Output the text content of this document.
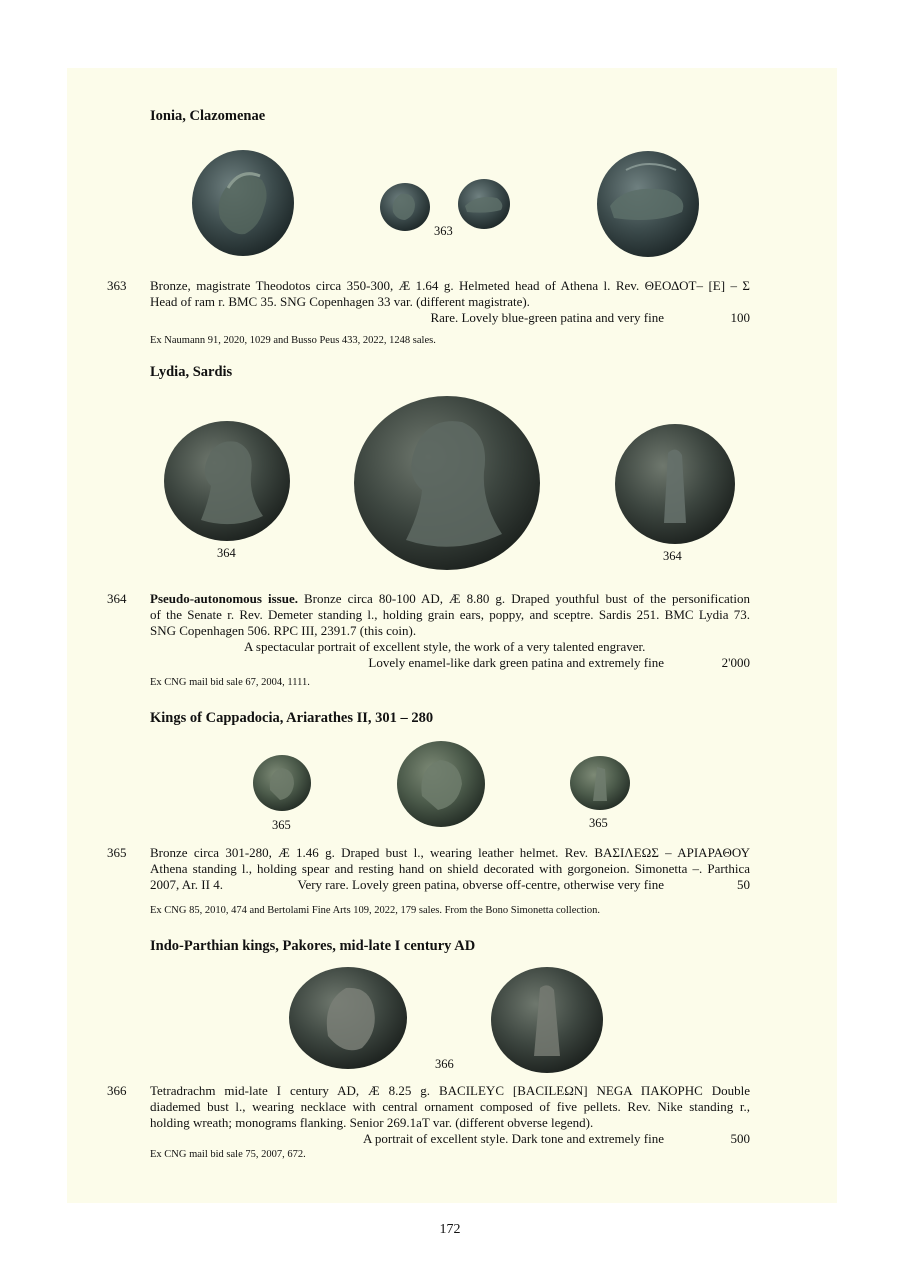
Ionia, Clazomenae
363
363 Bronze, magistrate Theodotos circa 350-300, Æ 1.64 g. Helmeted head of Athena l. Rev. ΘΕΟΔΟΤ– [Ε] – Σ
Head of ram r. BMC 35. SNG Copenhagen 33 var. (different magistrate).
Rare. Lovely blue-green patina and very fine	100
Ex Naumann 91, 2020, 1029 and Busso Peus 433, 2022, 1248 sales.
Lydia, Sardis
364	364
364 Pseudo-autonomous issue. Bronze circa 80-100 AD, Æ 8.80 g. Draped youthful bust of the personification
of the Senate r. Rev. Demeter standing l., holding grain ears, poppy, and sceptre. Sardis 251. BMC Lydia 73.
SNG Copenhagen 506. RPC III, 2391.7 (this coin).
A spectacular portrait of excellent style, the work of a very talented engraver.
Lovely enamel-like dark green patina and extremely fine	2'000
Ex CNG mail bid sale 67, 2004, 1111.
Kings of Cappadocia, Ariarathes II, 301 – 280
365	365
365 Bronze circa 301-280, Æ 1.46 g. Draped bust l., wearing leather helmet. Rev. ΒΑΣΙΛΕΩΣ – ΑΡΙΑΡΑΘΟΥ
Athena standing l., holding spear and resting hand on shield decorated with gorgoneion. Simonetta –. Parthica
2007, Ar. II 4.	Very rare. Lovely green patina, obverse off-centre, otherwise very fine	50
Ex CNG 85, 2010, 474 and Bertolami Fine Arts 109, 2022, 179 sales. From the Bono Simonetta collection.
Indo-Parthian kings, Pakores, mid-late I century AD
366
366 Tetradrachm mid-late I century AD, Æ 8.25 g. BACILEYC [BACILEΩN] NEGA ΠΑΚΟΡΗC Double
diademed bust l., wearing necklace with central ornament composed of five pellets. Rev. Nike standing r.,
holding wreath; monograms flanking. Senior 269.1aT var. (different obverse legend).
A portrait of excellent style. Dark tone and extremely fine	500
Ex CNG mail bid sale 75, 2007, 672.
172
